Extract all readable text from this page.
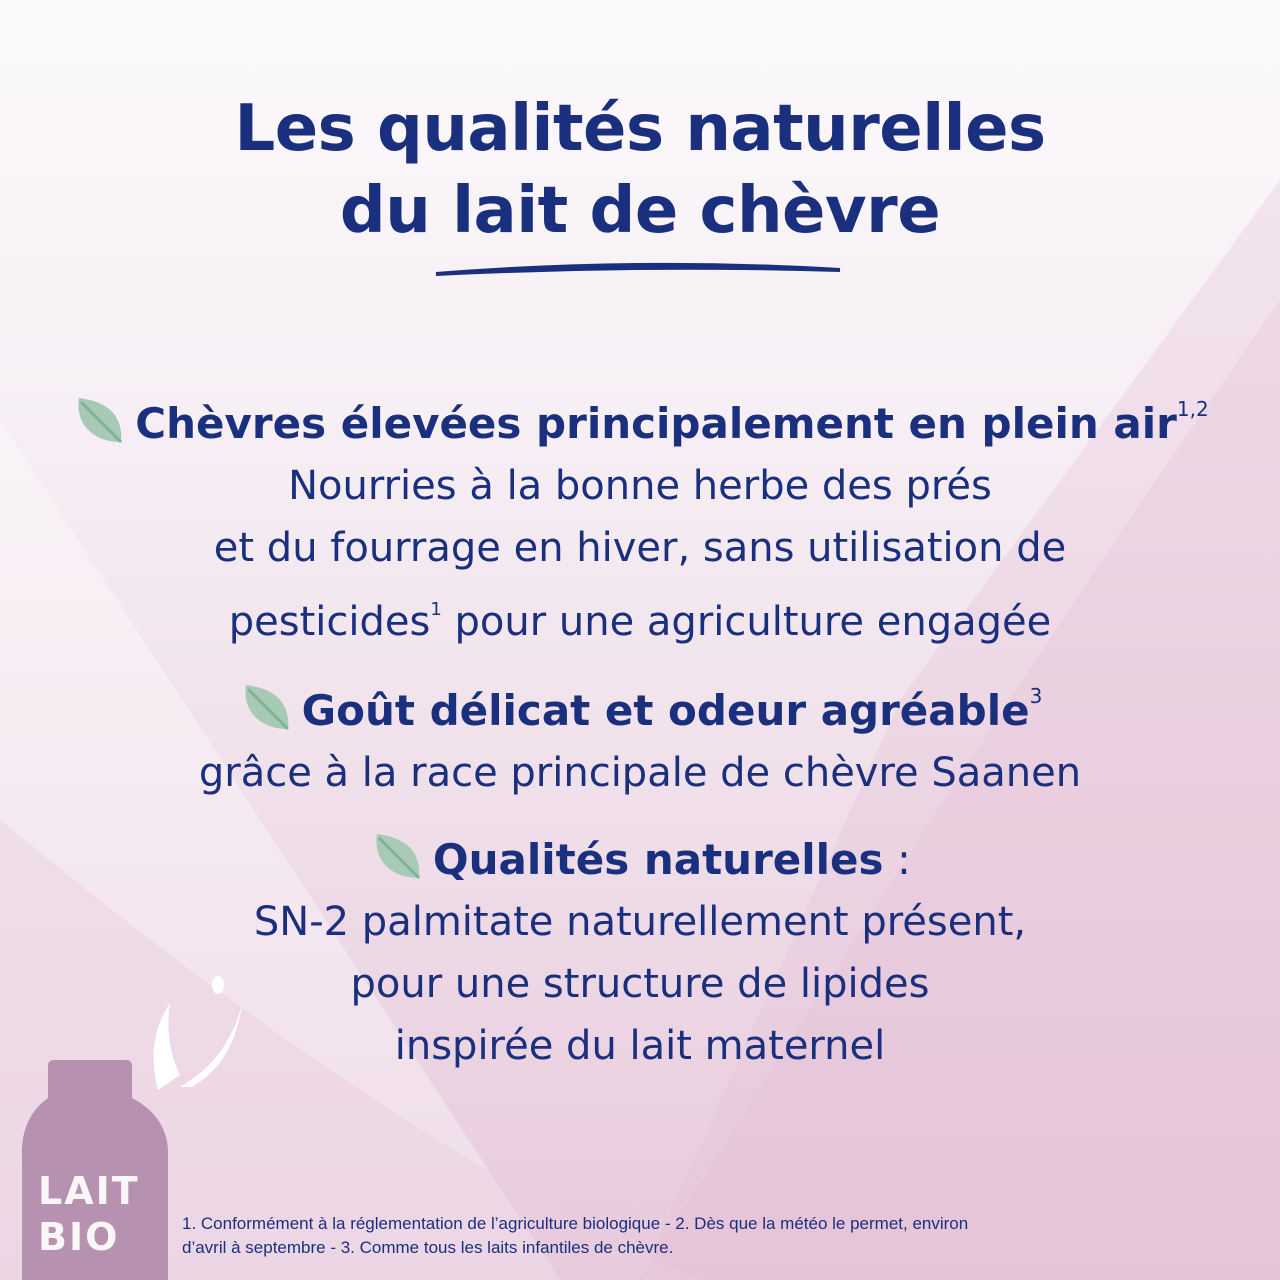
Les qualités naturelles
du lait de chèvre
Chèvres élevées principalement en plein air$^{1,2}$
Nourries à la bonne herbe des prés
et du fourrage en hiver, sans utilisation de
pesticides$^1$ pour une agriculture engagée
Goût délicat et odeur agréable$^3$
grâce à la race principale de chèvre Saanen
Qualités naturelles :
SN-2 palmitate naturellement présent,
pour une structure de lipides
inspirée du lait maternel
LAIT
BIO	1. Conformément à la réglementation de l’agriculture biologique - 2. Dès que la météo le permet, environ
d’avril à septembre - 3. Comme tous les laits infantiles de chèvre.
